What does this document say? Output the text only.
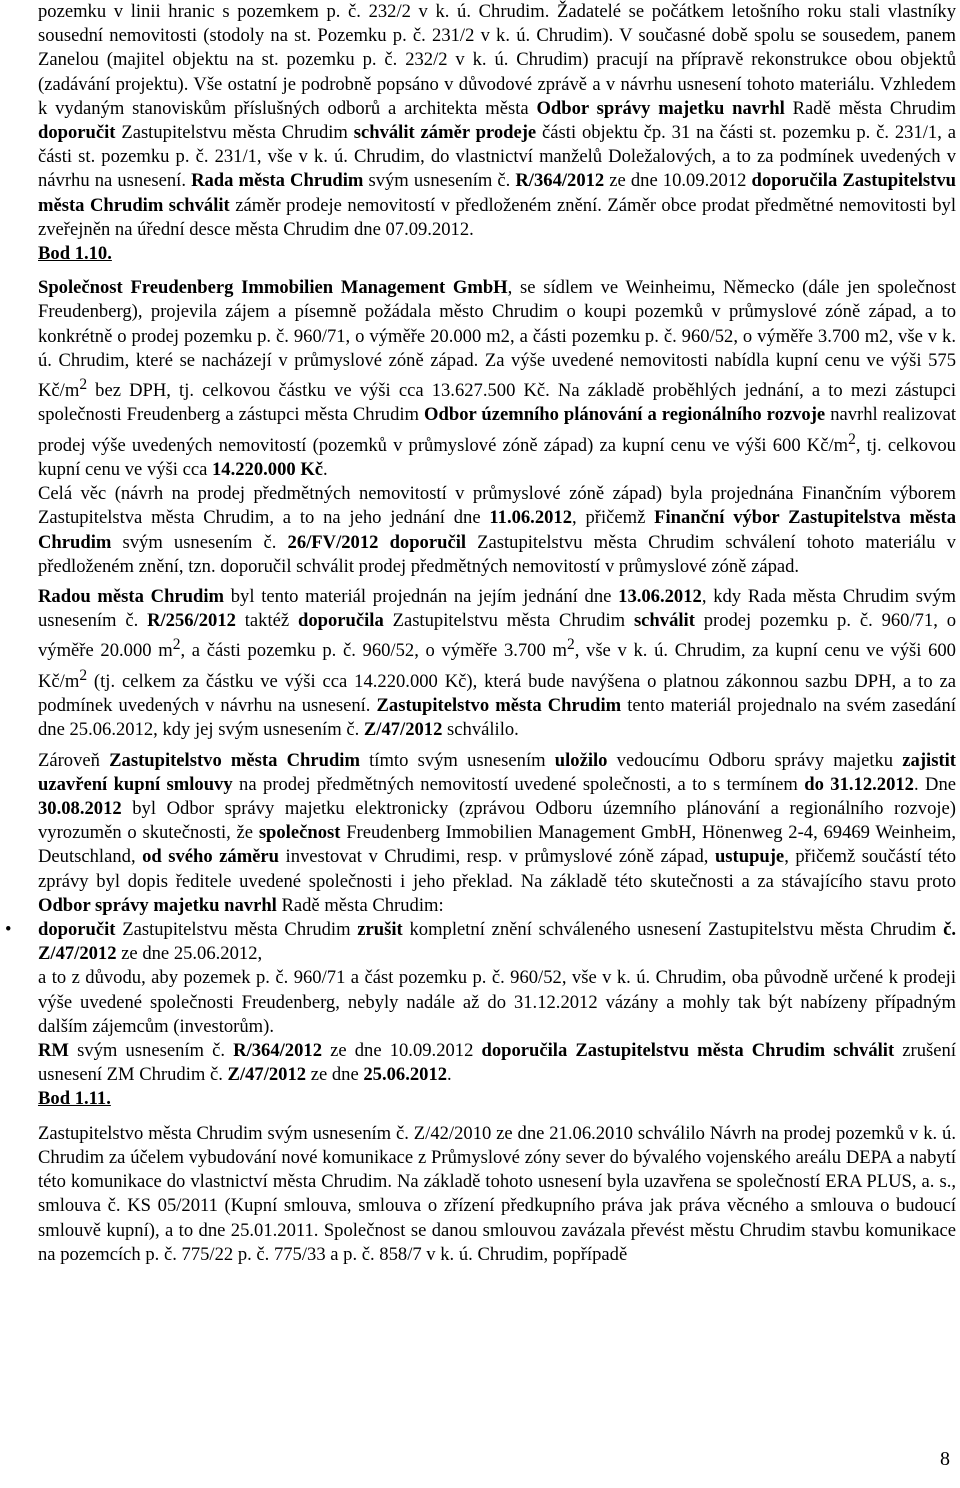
pozemku v linii hranic s pozemkem p. č. 232/2 v k. ú. Chrudim. Žadatelé se počátkem letošního roku stali vlastníky sousední nemovitosti (stodoly na st. Pozemku p. č. 231/2 v k. ú. Chrudim). V současné době spolu se sousedem, panem Zanelou (majitel objektu na st. pozemku p. č. 232/2 v k. ú. Chrudim) pracují na přípravě rekonstrukce obou objektů (zadávání projektu). Vše ostatní je podrobně popsáno v důvodové zprávě a v návrhu usnesení tohoto materiálu. Vzhledem k vydaným stanoviskům příslušných odborů a architekta města Odbor správy majetku navrhl Radě města Chrudim doporučit Zastupitelstvu města Chrudim schválit záměr prodeje části objektu čp. 31 na části st. pozemku p. č. 231/1, a části st. pozemku p. č. 231/1, vše v k. ú. Chrudim, do vlastnictví manželů Doležalových, a to za podmínek uvedených v návrhu na usnesení. Rada města Chrudim svým usnesením č. R/364/2012 ze dne 10.09.2012 doporučila Zastupitelstvu města Chrudim schválit záměr prodeje nemovitostí v předloženém znění. Záměr obce prodat předmětné nemovitosti byl zveřejněn na úřední desce města Chrudim dne 07.09.2012.

Bod 1.10.

Společnost Freudenberg Immobilien Management GmbH, se sídlem ve Weinheimu, Německo (dále jen společnost Freudenberg), projevila zájem a písemně požádala město Chrudim o koupi pozemků v průmyslové zóně západ, a to konkrétně o prodej pozemku p. č. 960/71, o výměře 20.000 m2, a části pozemku p. č. 960/52, o výměře 3.700 m2, vše v k. ú. Chrudim, které se nacházejí v průmyslové zóně západ. Za výše uvedené nemovitosti nabídla kupní cenu ve výši 575 $Kč/m^2$ bez DPH, tj. celkovou částku ve výši cca 13.627.500 Kč. Na základě proběhlých jednání, a to mezi zástupci společnosti Freudenberg a zástupci města Chrudim Odbor územního plánování a regionálního rozvoje navrhl realizovat prodej výše uvedených nemovitostí (pozemků v průmyslové zóně západ) za kupní cenu ve výši 600 $Kč/m^2$, tj. celkovou kupní cenu ve výši cca 14.220.000 Kč.

Celá věc (návrh na prodej předmětných nemovitostí v průmyslové zóně západ) byla projednána Finančním výborem Zastupitelstva města Chrudim, a to na jeho jednání dne 11.06.2012, přičemž Finanční výbor Zastupitelstva města Chrudim svým usnesením č. 26/FV/2012 doporučil Zastupitelstvu města Chrudim schválení tohoto materiálu v předloženém znění, tzn. doporučil schválit prodej předmětných nemovitostí v průmyslové zóně západ.

Radou města Chrudim byl tento materiál projednán na jejím jednání dne 13.06.2012, kdy Rada města Chrudim svým usnesením č. R/256/2012 taktéž doporučila Zastupitelstvu města Chrudim schválit prodej pozemku p. č. 960/71, o výměře 20.000 $m^2$, a části pozemku p. č. 960/52, o výměře 3.700 $m^2$, vše v k. ú. Chrudim, za kupní cenu ve výši 600 $Kč/m^2$ (tj. celkem za částku ve výši cca 14.220.000 Kč), která bude navýšena o platnou zákonnou sazbu DPH, a to za podmínek uvedených v návrhu na usnesení. Zastupitelstvo města Chrudim tento materiál projednalo na svém zasedání dne 25.06.2012, kdy jej svým usnesením č. Z/47/2012 schválilo.

Zároveň Zastupitelstvo města Chrudim tímto svým usnesením uložilo vedoucímu Odboru správy majetku zajistit uzavření kupní smlouvy na prodej předmětných nemovitostí uvedené společnosti, a to s termínem do 31.12.2012. Dne 30.08.2012 byl Odbor správy majetku elektronicky (zprávou Odboru územního plánování a regionálního rozvoje) vyrozuměn o skutečnosti, že společnost Freudenberg Immobilien Management GmbH, Hönenweg 2-4, 69469 Weinheim, Deutschland, od svého záměru investovat v Chrudimi, resp. v průmyslové zóně západ, ustupuje, přičemž součástí této zprávy byl dopis ředitele uvedené společnosti i jeho překlad. Na základě této skutečnosti a za stávajícího stavu proto Odbor správy majetku navrhl Radě města Chrudim:

• doporučit Zastupitelstvu města Chrudim zrušit kompletní znění schváleného usnesení Zastupitelstvu města Chrudim č. Z/47/2012 ze dne 25.06.2012,

a to z důvodu, aby pozemek p. č. 960/71 a část pozemku p. č. 960/52, vše v k. ú. Chrudim, oba původně určené k prodeji výše uvedené společnosti Freudenberg, nebyly nadále až do 31.12.2012 vázány a mohly tak být nabízeny případným dalším zájemcům (investorům).

RM svým usnesením č. R/364/2012 ze dne 10.09.2012 doporučila Zastupitelstvu města Chrudim schválit zrušení usnesení ZM Chrudim č. Z/47/2012 ze dne 25.06.2012.

Bod 1.11.

Zastupitelstvo města Chrudim svým usnesením č. Z/42/2010 ze dne 21.06.2010 schválilo Návrh na prodej pozemků v k. ú. Chrudim za účelem vybudování nové komunikace z Průmyslové zóny sever do bývalého vojenského areálu DEPA a nabytí této komunikace do vlastnictví města Chrudim. Na základě tohoto usnesení byla uzavřena se společností ERA PLUS, a. s., smlouva č. KS 05/2011 (Kupní smlouva, smlouva o zřízení předkupního práva jak práva věcného a smlouva o budoucí smlouvě kupní), a to dne 25.01.2011. Společnost se danou smlouvou zavázala převést městu Chrudim stavbu komunikace na pozemcích p. č. 775/22 p. č. 775/33 a p. č. 858/7 v k. ú. Chrudim, popřípadě

8
